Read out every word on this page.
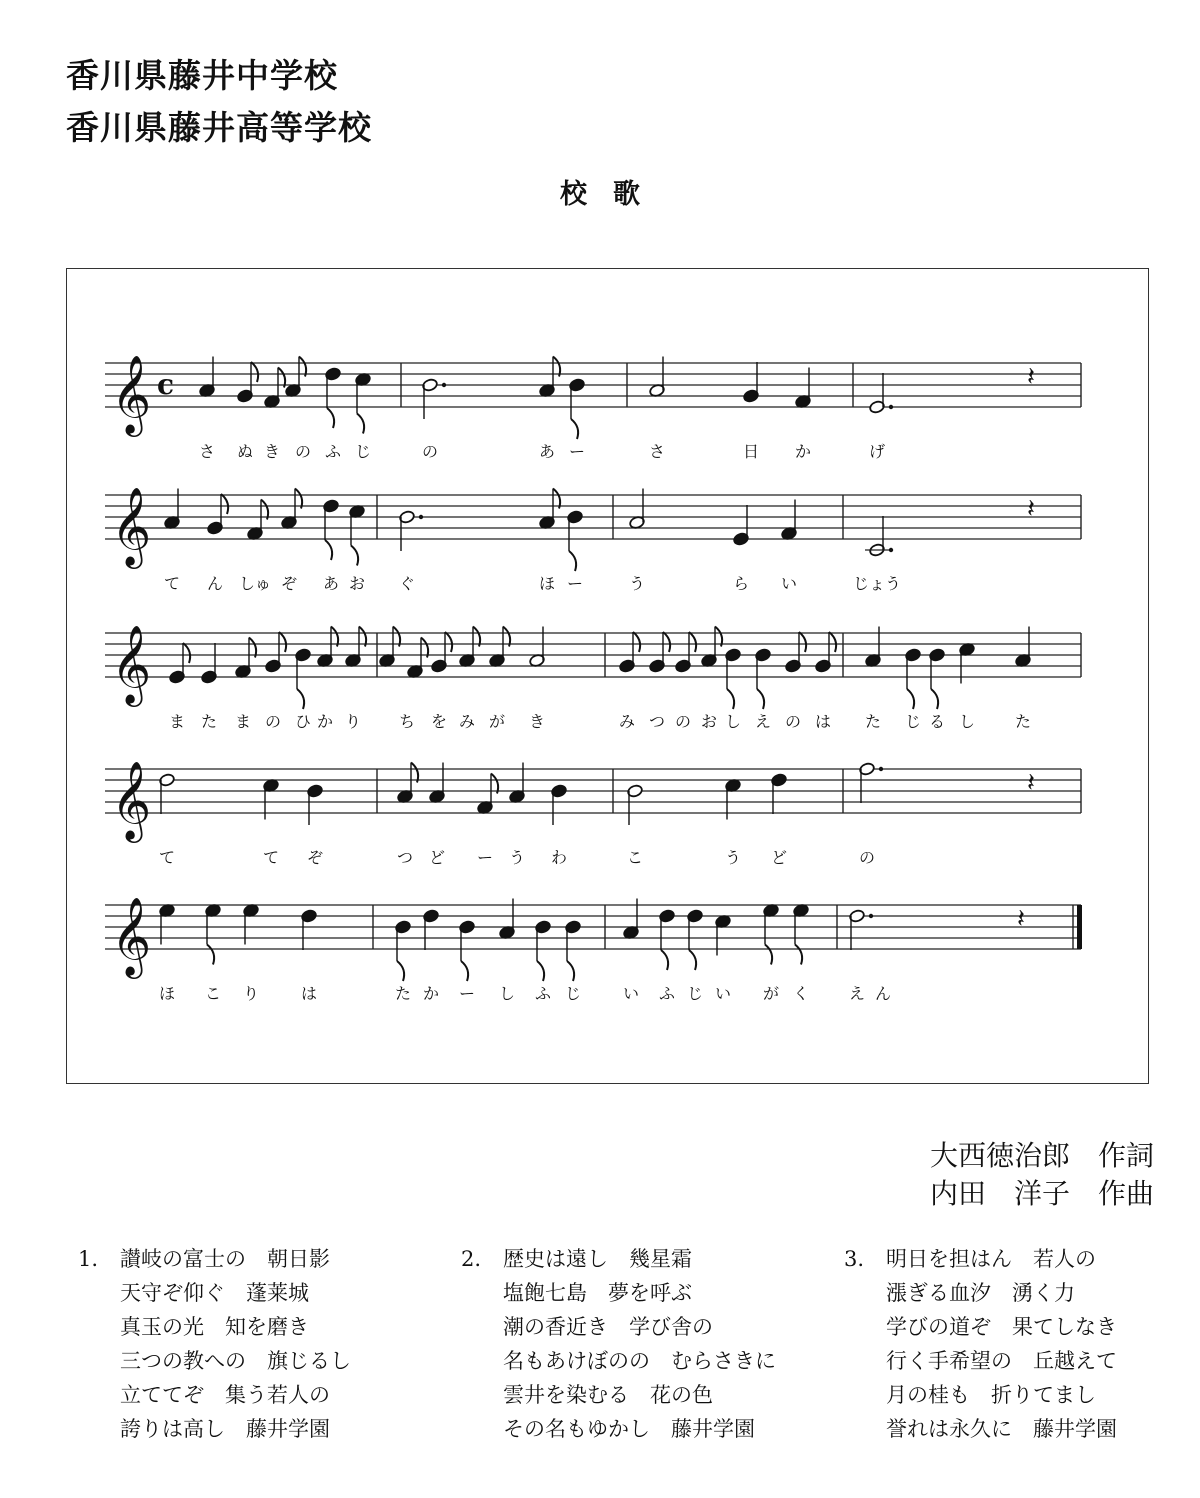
香川県藤井中学校
香川県藤井高等学校
校歌
𝄞 c	𝄽
さ ぬ き の ふ じ	の	あ ー	さ	日 か	げ
𝄞	𝄽
て ん しゅ ぞ あ お ぐ	ほ ー	う	ら い	じょう
𝄞
ま た ま の ひ か り ち を み が き	み つ の お し え の は た じ る し た
𝄞	𝄽
て	て ぞ	つ ど ー う わ	こ	う ど	の
𝄞	𝄽
ほ こ り	は	た か ー し ふ じ	い ふ じ い が く え ん
大西徳治郎　作詞
内田　洋子　作曲
1. 讃岐の富士の　朝日影
天守ぞ仰ぐ　蓬莱城
真玉の光　知を磨き
三つの教への　旗じるし
立ててぞ　集う若人の
誇りは高し　藤井学園
2. 歴史は遠し　幾星霜
塩飽七島　夢を呼ぶ
潮の香近き　学び舎の
名もあけぼのの　むらさきに
雲井を染むる　花の色
その名もゆかし　藤井学園
3. 明日を担はん　若人の
漲ぎる血汐　湧く力
学びの道ぞ　果てしなき
行く手希望の　丘越えて
月の桂も　折りてまし
誉れは永久に　藤井学園
